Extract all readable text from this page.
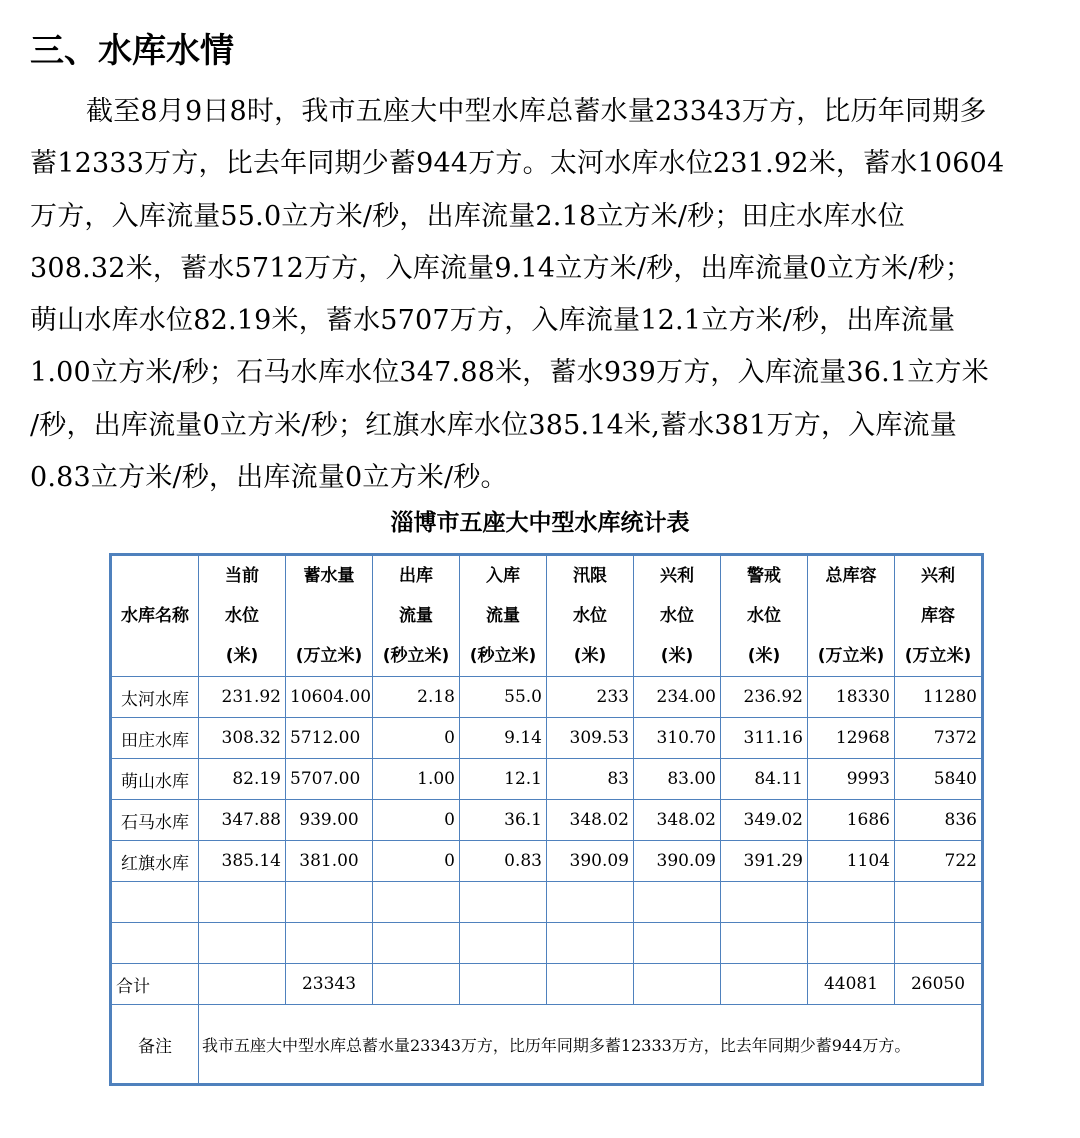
三、水库水情
截至8月9日8时，我市五座大中型水库总蓄水量23343万方，比历年同期多
蓄12333万方，比去年同期少蓄944万方。太河水库水位231.92米，蓄水10604
万方，入库流量55.0立方米/秒，出库流量2.18立方米/秒；田庄水库水位
308.32米，蓄水5712万方，入库流量9.14立方米/秒，出库流量0立方米/秒；
萌山水库水位82.19米，蓄水5707万方，入库流量12.1立方米/秒，出库流量
1.00立方米/秒；石马水库水位347.88米，蓄水939万方，入库流量36.1立方米
/秒，出库流量0立方米/秒；红旗水库水位385.14米,蓄水381万方，入库流量
0.83立方米/秒，出库流量0立方米/秒。
淄博市五座大中型水库统计表
水库名称	当前
水位
(米)	蓄水量

(万立米)	出库
流量
(秒立米)	入库
流量
(秒立米)	汛限
水位
(米)	兴利
水位
(米)	警戒
水位
(米)	总库容

(万立米)	兴利
库容
(万立米)

太河水库	231.92	10604.00	2.18	55.0	233	234.00	236.92	18330	11280
田庄水库	308.32	5712.00	0	9.14	309.53	310.70	311.16	12968	7372
萌山水库	82.19	5707.00	1.00	12.1	83	83.00	84.11	9993	5840
石马水库	347.88	939.00	0	36.1	348.02	348.02	349.02	1686	836
红旗水库	385.14	381.00	0	0.83	390.09	390.09	391.29	1104	722

合计		23343						44081	26050
备注	我市五座大中型水库总蓄水量23343万方，比历年同期多蓄12333万方，比去年同期少蓄944万方。								
